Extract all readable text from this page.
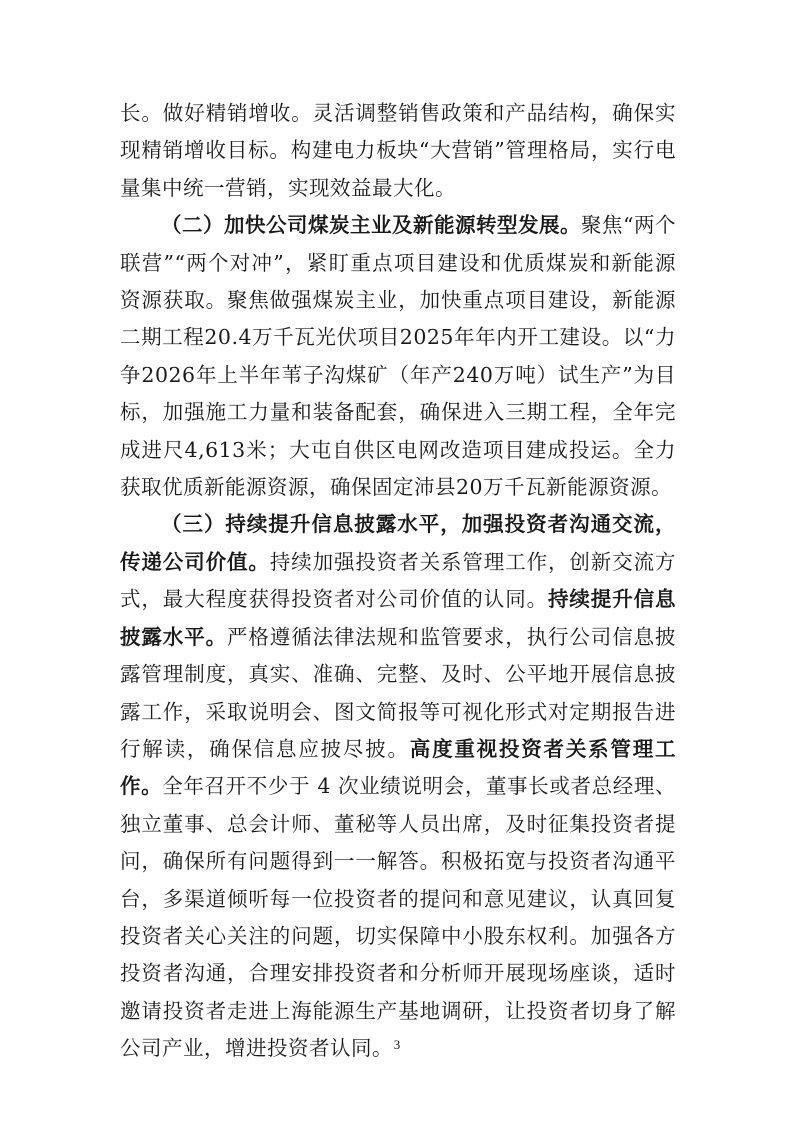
长。做好精销增收。灵活调整销售政策和产品结构，确保实现精销增收目标。构建电力板块“大营销”管理格局，实行电量集中统一营销，实现效益最大化。

（二）加快公司煤炭主业及新能源转型发展。聚焦“两个联营”“两个对冲”，紧盯重点项目建设和优质煤炭和新能源资源获取。聚焦做强煤炭主业，加快重点项目建设，新能源二期工程20.4万千瓦光伏项目2025年年内开工建设。以“力争2026年上半年苇子沟煤矿（年产240万吨）试生产”为目标，加强施工力量和装备配套，确保进入三期工程，全年完成进尺4,613米；大屯自供区电网改造项目建成投运。全力获取优质新能源资源，确保固定沛县20万千瓦新能源资源。

（三）持续提升信息披露水平，加强投资者沟通交流，传递公司价值。持续加强投资者关系管理工作，创新交流方式，最大程度获得投资者对公司价值的认同。持续提升信息披露水平。严格遵循法律法规和监管要求，执行公司信息披露管理制度，真实、准确、完整、及时、公平地开展信息披露工作，采取说明会、图文简报等可视化形式对定期报告进行解读，确保信息应披尽披。高度重视投资者关系管理工作。全年召开不少于 4 次业绩说明会，董事长或者总经理、独立董事、总会计师、董秘等人员出席，及时征集投资者提问，确保所有问题得到一一解答。积极拓宽与投资者沟通平台，多渠道倾听每一位投资者的提问和意见建议，认真回复投资者关心关注的问题，切实保障中小股东权利。加强各方投资者沟通，合理安排投资者和分析师开展现场座谈，适时邀请投资者走进上海能源生产基地调研，让投资者切身了解公司产业，增进投资者认同。 3
